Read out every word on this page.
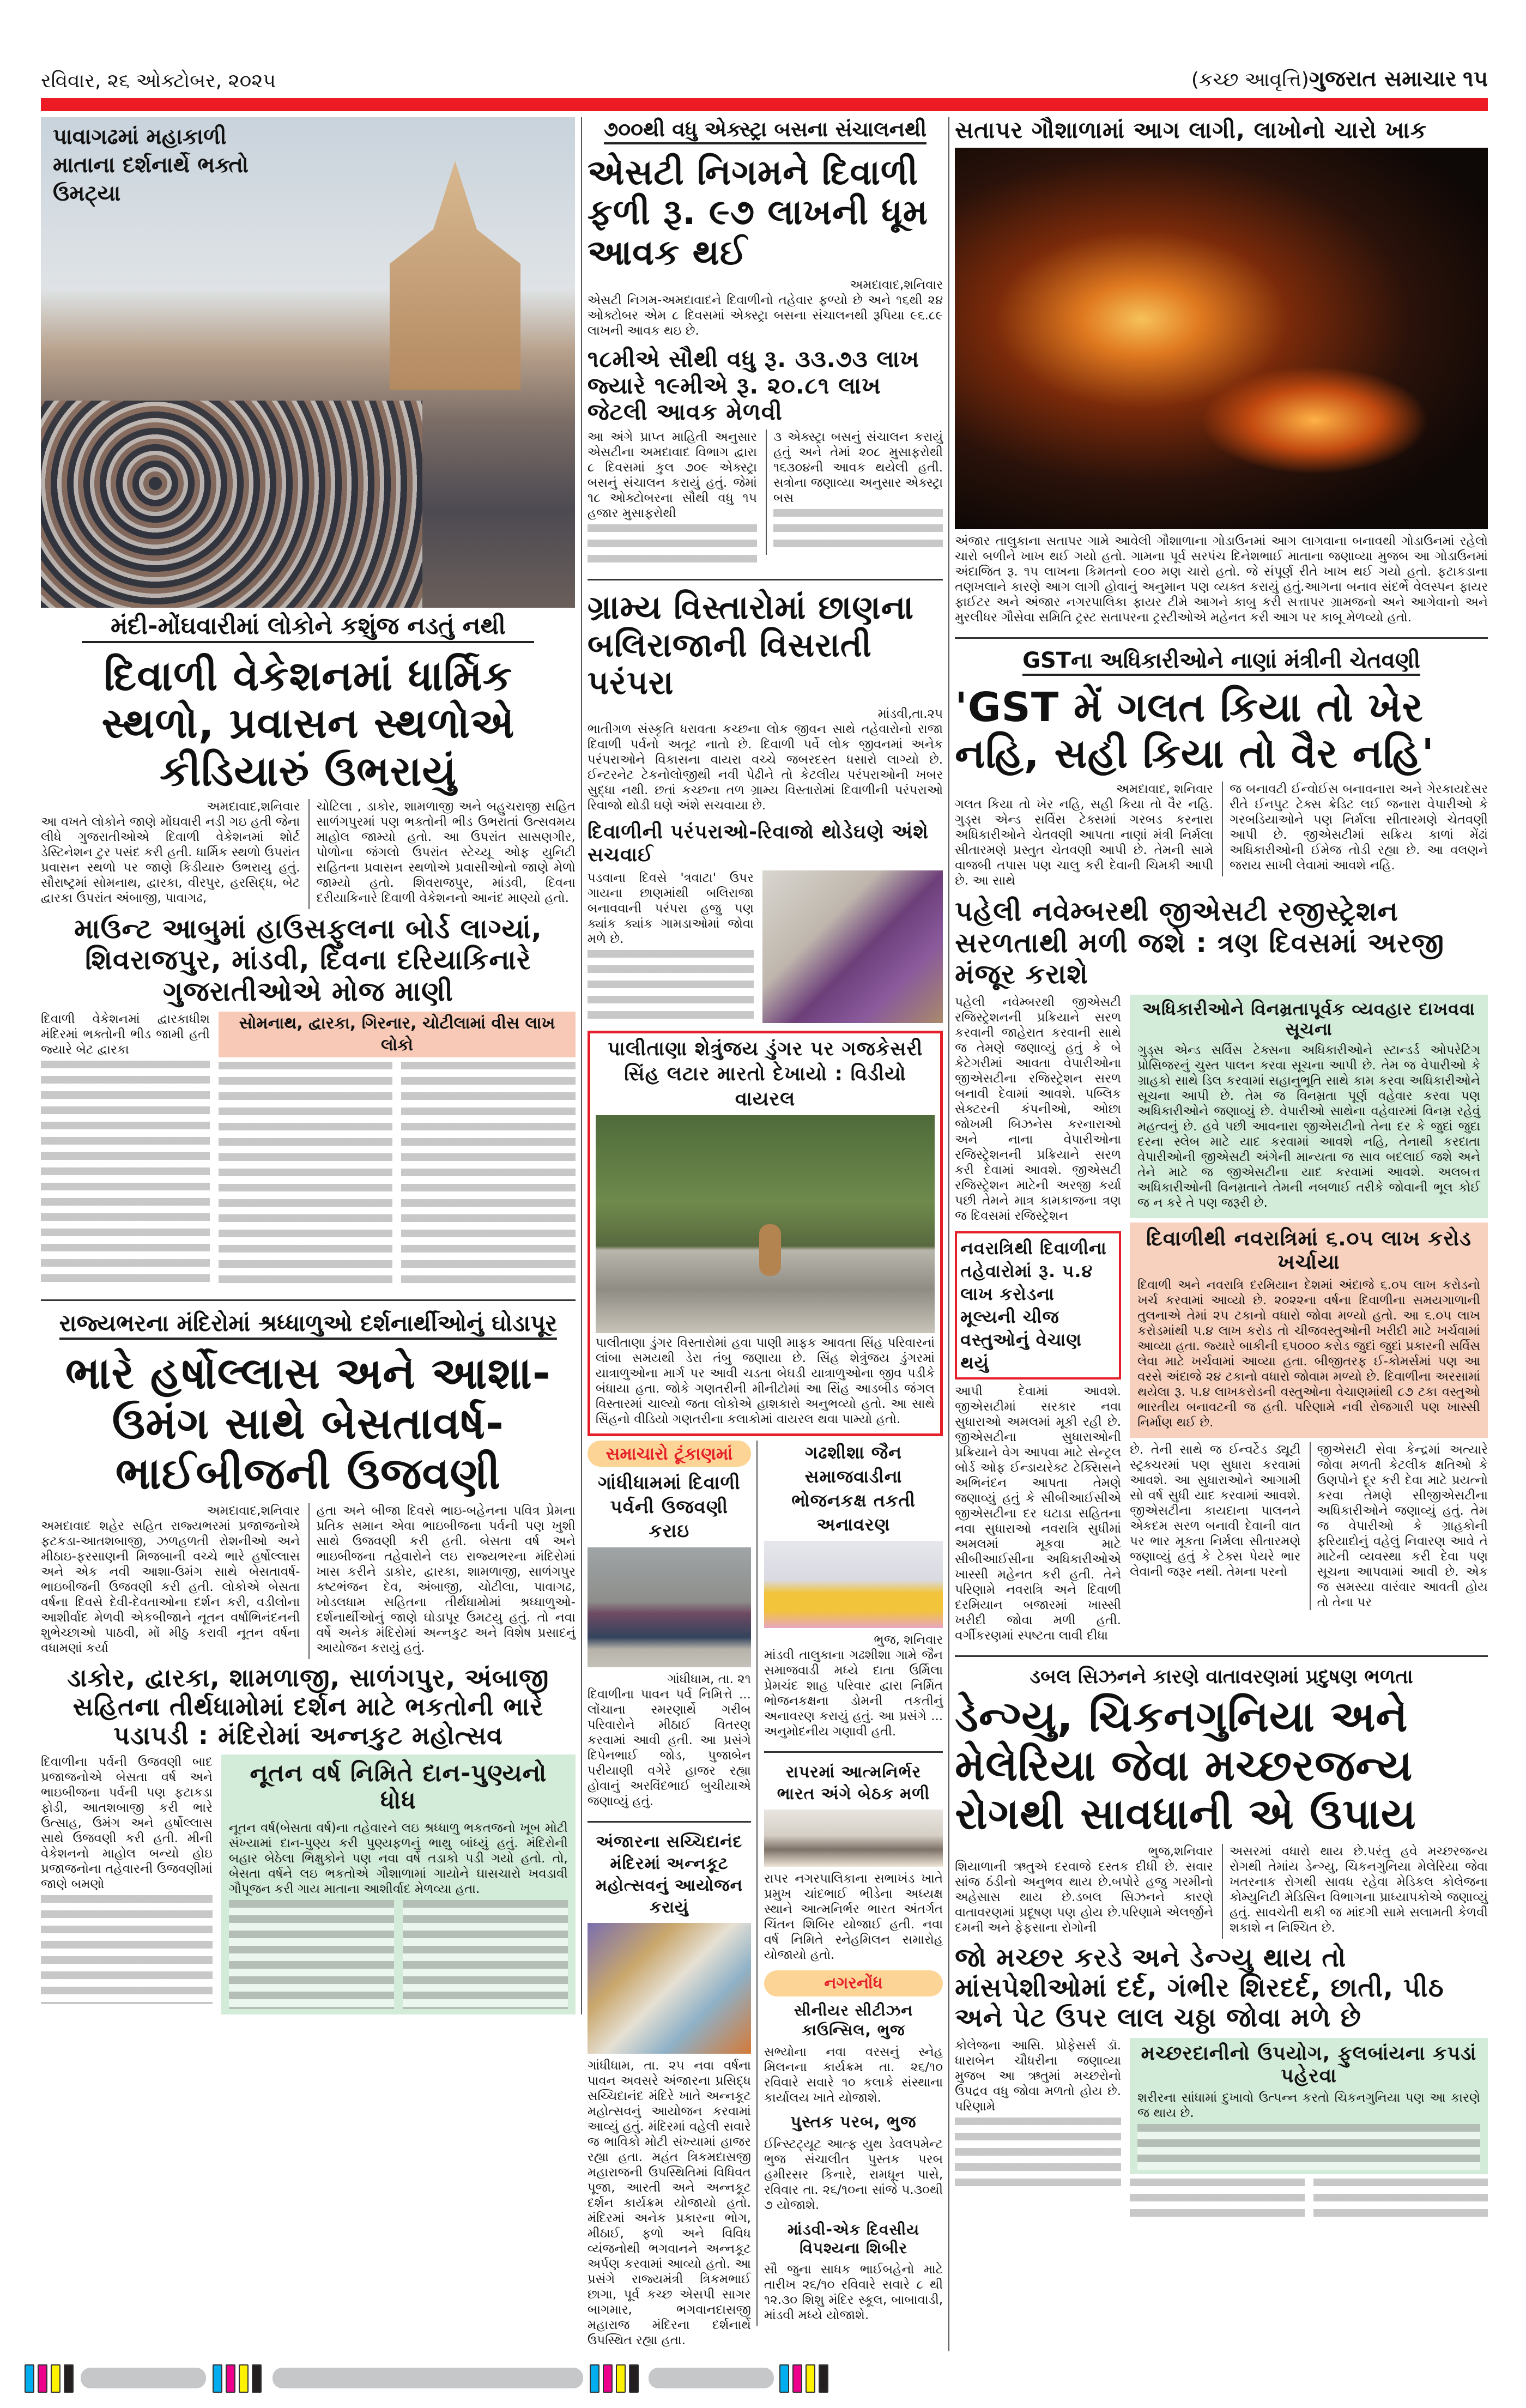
રવિવાર, ૨૬ ઓક્ટોબર, ૨૦૨૫	(કચ્છ આવૃત્તિ)ગુજરાત સમાચાર ૧૫
પાવાગઢમાં મહાકાળી માતાના દર્શનાર્થે ભક્તો ઉમટ્યા
મંદી-મોંઘવારીમાં લોકોને કશુંજ નડતું નથી
દિવાળી વેકેશનમાં ધાર્મિક સ્થળો, પ્રવાસન સ્થળોએ કીડિયારું ઉભરાયું
અમદાવાદ,શનિવાર

આ વખતે લોકોને જાણે મોંઘવારી નડી ગઇ હતી જેના લીધે ગુજરાતીઓએ દિવાળી વેકેશનમાં શોર્ટ ડેસ્ટિનેશન ટુર પસંદ કરી હતી. ધાર્મિક સ્થળો ઉપરાંત પ્રવાસન સ્થળો પર જાણે કિડીયારુ ઉભરાયુ હતું. સૌરાષ્ટ્રમાં સોમનાથ, દ્વારકા, વીરપુર, હરસિદ્ધ, બેટ દ્વારકા ઉપરાંત અંબાજી, પાવાગઢ,

ચોટિલા , ડાકોર, શામળાજી અને બહુચરાજી સહિત સાળંગપુરમાં પણ ભક્તોની ભીડ ઉભરાતાં ઉત્સવમય માહોલ જામ્યો હતો. આ ઉપરાંત સાસણગીર, પોળોના જંગલો ઉપરાંત સ્ટેચ્યૂ ઓફ યુનિટી સહિતના પ્રવાસન સ્થળોએ પ્રવાસીઓનો જાણે મેળો જામ્યો હતો. શિવરાજપુર, માંડવી, દિવના દરીયાકિનારે દિવાળી વેકેશનનો આનંદ માણ્યો હતો.

માઉન્ટ આબુમાં હાઉસફુલના બોર્ડ લાગ્યાં, શિવરાજપુર, માંડવી, દિવના દરિયાકિનારે ગુજરાતીઓએ મોજ માણી

દિવાળી વેકેશનમાં દ્વારકાધીશ મંદિરમાં ભક્તોની ભીડ જામી હતી જ્યારે બેટ દ્વારકા

સોમનાથ, દ્વારકા, ગિરનાર, ચોટીલામાં વીસ લાખ લોકો
રાજ્યભરના મંદિરોમાં શ્રધ્ધાળુઓ દર્શનાર્થીઓનું ઘોડાપૂર
ભારે હર્ષોલ્લાસ અને આશા- ઉમંગ સાથે બેસતાવર્ષ-ભાઈબીજની ઉજવણી
અમદાવાદ,શનિવાર

અમદાવાદ શહેર સહિત રાજ્યભરમાં પ્રજાજનોએ ફટકડા-આતશબાજી, ઝળહળતી રોશનીઓ અને મીઠાઇ-ફરસાણની મિજબાની વચ્ચે ભારે હર્ષોલ્લાસ અને એક નવી આશા-ઉમંગ સાથે બેસતાવર્ષ-ભાઇબીજની ઉજવણી કરી હતી. લોકોએ બેસતા વર્ષના દિવસે દેવી-દેવતાઓના દર્શન કરી, વડીલોના આશીર્વાદ મેળવી એકબીજાને નૂતન વર્ષાભિનંદનની શુભેચ્છાઓ પાઠવી, મોં મીઠુ કરાવી નૂતન વર્ષના વધામણાં કર્યા

હતા અને બીજા દિવસે ભાઇ-બહેનના પવિત્ર પ્રેમના પ્રતિક સમાન એવા ભાઇબીજના પર્વની પણ ખુશી સાથે ઉજવણી કરી હતી. બેસતા વર્ષ અને ભાઇબીજના તહેવારોને લઇ રાજ્યભરના મંદિરોમાં ખાસ કરીને ડાકોર, દ્વારકા, શામળાજી, સાળંગપુર કષ્ટભંજન દેવ, અંબાજી, ચોટીલા, પાવાગઢ, ખોડલધામ સહિતના તીર્થધામોમાં શ્રધ્ધાળુઓ-દર્શનાર્થીઓનું જાણે ઘોડાપૂર ઉમટયુ હતું. તો નવા વર્ષે અનેક મંદિરોમાં અન્નકુટ અને વિશેષ પ્રસાદનું આયોજન કરાયું હતું.

ડાકોર, દ્વારકા, શામળાજી, સાળંગપુર, અંબાજી સહિતના તીર્થધામોમાં દર્શન માટે ભકતોની ભારે પડાપડી : મંદિરોમાં અન્નકુટ મહોત્સવ

દિવાળીના પર્વની ઉજવણી બાદ પ્રજાજનોએ બેસતા વર્ષ અને ભાઇબીજના પર્વની પણ ફટાકડા ફોડી, આતશબાજી કરી ભારે ઉત્સાહ, ઉમંગ અને હર્ષોલ્લાસ સાથે ઉજવણી કરી હતી. મીની વેકેશનનો માહોલ બન્યો હોઇ પ્રજાજનોના તહેવારની ઉજવણીમાં જાણે બમણો

નૂતન વર્ષ નિમિતે દાન-પુણ્યનો ધોધ

નૂતન વર્ષ(બેસતા વર્ષ)ના તહેવારને લઇ શ્રધ્ધાળુ ભકતજનો ખૂબ મોટી સંખ્યામાં દાન-પુણ્ય કરી પુણ્યફળનું ભાથુ બાંધ્યું હતું. મંદિરોની બહાર બેઠેલા ભિક્ષુકોને પણ નવા વર્ષે તડાકો પડી ગયો હતો. તો, બેસતા વર્ષને લઇ ભકતોએ ગૌશાળામાં ગાયોને ઘાસચારો ખવડાવી ગૌપૂજન કરી ગાય માતાના આશીર્વાદ મેળવ્યા હતા.

૭૦૦થી વધુ એક્સ્ટ્રા બસના સંચાલનથી
એસટી નિગમને દિવાળી ફળી રૂ. ૯૭ લાખની ધૂમ આવક થઈ
અમદાવાદ,શનિવાર

એસટી નિગમ-અમદાવાદને દિવાળીનો તહેવાર ફળ્યો છે અને ૧૬થી ૨૪ ઓક્ટોબર એમ ૮ દિવસમાં એક્સ્ટ્રા બસના સંચાલનથી રૂપિયા ૯૬.૮૯ લાખની આવક થઇ છે.

૧૮મીએ સૌથી વધુ રૂ. ૩૩.૭૩ લાખ જ્યારે ૧૯મીએ રૂ. ૨૦.૮૧ લાખ જેટલી આવક મેળવી

આ અંગે પ્રાપ્ત માહિતી અનુસાર એસટીના અમદાવાદ વિભાગ દ્વારા ૮ દિવસમાં કુલ ૭૦૯ એક્સ્ટ્રા બસનું સંચાલન કરાયું હતું. જેમાં ૧૮ ઓક્ટોબરના સૌથી વધુ ૧૫ હજાર મુસાફરોથી

૩ એક્સ્ટ્રા બસનું સંચાલન કરાયું હતું અને તેમાં ૨૦૮ મુસાફરોથી ૧૬૩૦૪ની આવક થયેલી હતી. સત્રોના જણાવ્યા અનુસાર એક્સ્ટ્રા બસ

ગ્રામ્ય વિસ્તારોમાં છાણના બલિરાજાની વિસરાતી પરંપરા
માંડવી,તા.૨૫

ભાતીગળ સંસ્કૃતિ ધરાવતા કચ્છના લોક જીવન સાથે તહેવારોનો રાજા દિવાળી પર્વનો અતૂટ નાતો છે. દિવાળી પર્વે લોક જીવનમાં અનેક પરંપરાઓને વિકાસના વાયરા વચ્ચે જબરદસ્ત ધસારો લાગ્યો છે. ઈન્ટરનેટ ટેકનોલોજીથી નવી પેઢીને તો કેટલીય પરંપરાઓની ખબર સુદ્ધા નથી. છતાં કચ્છના તળ ગ્રામ્ય વિસ્તારોમાં દિવાળીની પરંપરાઓ રિવાજો થોડી ઘણે અંશે સચવાયા છે.

દિવાળીની પરંપરાઓ-રિવાજો થોડેઘણે અંશે સચવાઈ

પડવાના દિવસે 'ત્રવાટા' ઉપર ગાયના છાણમાંથી બલિરાજા બનાવવાની પરંપરા હજુ પણ ક્યાંક ક્યાંક ગામડાઓમાં જોવા મળે છે.

પાલીતાણા શેત્રુંજય ડુંગર પર ગજકેસરી સિંહ લટાર મારતો દેખાયો : વિડીયો વાયરલ

પાલીતાણા ડુંગર વિસ્તારોમાં હવા પાણી માફક આવતા સિંહ પરિવારનાં લાંબા સમયથી ડેરા તંબુ જણાયા છે. સિંહ શેત્રુંજય ડુંગરમાં યાત્રાળુઓના માર્ગ પર આવી ચડતા બેઘડી યાત્રાળુઓના જીવ પડીકે બંધાયા હતા. જોકે ગણતરીની મીનીટોમાં આ સિંહ આડબીડ જંગલ વિસ્તારમાં ચાલ્યો જતા લોકોએ હાશકારો અનુભવ્યો હતો. આ સાથે સિંહનો વીડિયો ગણતરીના કલાકોમાં વાયરલ થવા પામ્યો હતો.

સમાચારો ટૂંકાણમાં
ગાંધીધામમાં દિવાળી પર્વની ઉજવણી કરાઇ
ગાંધીધામ, તા. ૨૧

દિવાળીના પાવન પર્વ નિમિત્તે ... લોંચાના સ્મરણાર્થે ગરીબ પરિવારોને મીઠાઈ વિતરણ કરવામાં આવી હતી. આ પ્રસંગે દિપેનભાઈ જોડ, પુજાબેન પરીયાણી વગેરે હાજર રહ્યા હોવાનું અરવિંદભાઈ બુચીયાએ જણાવ્યું હતું.

અંજારના સચ્ચિદાનંદ મંદિરમાં અન્નકૂટ મહોત્સવનું આયોજન કરાયું

ગાંધીધામ, તા. ૨૫ નવા વર્ષના પાવન અવસરે અંજારના પ્રસિદ્ધ સચ્ચિદાનંદ મંદિરે ખાતે અન્નકૂટ મહોત્સવનું આયોજન કરવામાં આવ્યું હતું. મંદિરમાં વહેલી સવારે જ ભાવિકો મોટી સંખ્યામાં હાજર રહ્યા હતા. મહંત ત્રિકમદાસજી મહારાજની ઉપસ્થિતિમાં વિધિવત પૂજા, આરતી અને અન્નકૂટ દર્શન કાર્યક્રમ યોજાયો હતો. મંદિરમાં અનેક પ્રકારના ભોગ, મીઠાઈ, ફળો અને વિવિધ વ્યંજનોથી ભગવાનને અન્નકૂટ અર્પણ કરવામાં આવ્યો હતો. આ પ્રસંગે રાજ્યમંત્રી ત્રિકમભાઈ છાગા, પૂર્વ કચ્છ એસપી સાગર બાગમાર, ભગવાનદાસજી મહારાજ મંદિરના દર્શનાર્થે ઉપસ્થિત રહ્યા હતા.

ગઢશીશા જૈન સમાજવાડીના ભોજનકક્ષ તકતી અનાવરણ
ભુજ, શનિવાર

માંડવી તાલુકાના ગઢશીશા ગામે જૈન સમાજવાડી મધ્યે દાતા ઉર્મિલા પ્રેમચંદ શાહ પરિવાર દ્વારા નિર્મિત ભોજનકક્ષના ડોમની તકતીનું અનાવરણ કરાયું હતું. આ પ્રસંગે ... અનુમોદનીય ગણાવી હતી.

રાપરમાં આત્મનિર્ભર ભારત અંગે બેઠક મળી

રાપર નગરપાલિકાના સભાખંડ ખાતે પ્રમુખ ચાંદભાઈ ભીડેના અધ્યક્ષ સ્થાને આત્મનિર્ભર ભારત અંતર્ગત ચિંતન શિબિર યોજાઈ હતી. નવા વર્ષ નિમિતે સ્નેહમિલન સમારોહ યોજાયો હતો.

નગરનોંધ
સીનીયર સીટીઝન કાઉન્સિલ, ભુજ

સભ્યોના નવા વરસનું સ્નેહ મિલનના કાર્યક્રમ તા. ૨૬/૧૦ રવિવારે સવારે ૧૦ કલાકે સંસ્થાના કાર્યાલય ખાતે યોજાશે.

પુસ્તક પરબ, ભુજ

ઈન્સ્ટિટ્યૂટ આત્ફ યુથ ડેવલપમેન્ટ ભુજ સંચાલીત પુસ્તક પરબ હમીરસર કિનારે, રામધૂન પાસે, રવિવાર તા. ૨૬/૧૦ના સાંજે ૫.૩૦થી ૭ યોજાશે.

માંડવી-એક દિવસીય વિપશ્યના શિબીર

સૌ જુના સાધક ભાઈબહેનો માટે તારીખ ૨૬/૧૦ રવિવારે સવારે ૮ થી ૧૨.૩૦ શિશુ મંદિર સ્કૂલ, બાબાવાડી, માંડવી મધ્યે યોજાશે.

સતાપર ગૌશાળામાં આગ લાગી, લાખોનો ચારો ખાક

અંજાર તાલુકાના સતાપર ગામે આવેલી ગૌશાળાના ગોડાઉનમાં આગ લાગવાના બનાવથી ગોડાઉનમાં રહેલો ચારો બળીને ખાખ થઈ ગયો હતો. ગામના પૂર્વ સરપંચ દિનેશભાઈ માતાના જણાવ્યા મુજબ આ ગોડાઉનમાં અંદાજિત રૂ. ૧૫ લાખના કિમતનો ૯૦૦ મણ ચારો હતો. જે સંપૂર્ણ રીતે ખાખ થઈ ગયો હતો. ફટાકડાના તણખલાને કારણે આગ લાગી હોવાનું અનુમાન પણ વ્યક્ત કરાયું હતું.આગના બનાવ સંદર્ભે વેલસ્પન ફાયર ફાઈટર અને અંજાર નગરપાલિકા ફાયર ટીમે આગને કાબુ કરી સત્તાપર ગ્રામજનો અને આગેવાનો અને મુરલીધર ગૌસેવા સમિતિ ટ્રસ્ટ સતાપરના ટ્રસ્ટીઓએ મહેનત કરી આગ પર કાબૂ મેળવ્યો હતો.

GSTના અધિકારીઓને નાણાં મંત્રીની ચેતવણી
'GST મેં ગલત કિયા તો ખેર નહિ, સહી કિયા તો વૈર નહિ'
અમદાવાદ, શનિવાર

ગલત કિયા તો ખેર નહિ, સહી કિયા તો વૈર નહિ. ગુડ્સ એન્ડ સર્વિસ ટેક્સમાં ગરબડ કરનારા અધિકારીઓને ચેતવણી આપતા નાણાં મંત્રી નિર્મલા સીતારમણે પ્રસ્તુત ચેતવણી આપી છે. તેમની સામે વાજબી તપાસ પણ ચાલુ કરી દેવાની ચિમકી આપી છે. આ સાથે

જ બનાવટી ઈન્વોઈસ બનાવનારા અને ગેરકાયદેસર રીતે ઈનપુટ ટેક્સ ક્રેડિટ લઈ જનારા વેપારીઓ કે ગરબડિયાઓને પણ નિર્મલા સીતારમણે ચેતવણી આપી છે. જીએસટીમાં સક્રિય કાળાં મેંઢાં અધિકારીઓની ઈમેજ તોડી રહ્યા છે. આ વલણને જરાય સાખી લેવામાં આવશે નહિ.

પહેલી નવેમ્બરથી જીએસટી રજીસ્ટ્રેશન સરળતાથી મળી જશે : ત્રણ દિવસમાં અરજી મંજૂર કરાશે

પહેલી નવેમ્બરથી જીએસટી રજિસ્ટ્રેશનની પ્રક્રિયાને સરળ કરવાની જાહેરાત કરવાની સાથે જ તેમણે જણાવ્યું હતું કે બે કેટેગરીમાં આવતા વેપારીઓના જીએસટીના રજિસ્ટ્રેશન સરળ બનાવી દેવામાં આવશે. પબ્લિક સેક્ટરની કંપનીઓ, ઓછા જોખમી બિઝનેસ કરનારાઓ અને નાના વેપારીઓના રજિસ્ટ્રેશનની પ્રક્રિયાને સરળ કરી દેવામાં આવશે. જીએસટી રજિસ્ટ્રેશન માટેની અરજી કર્યા પછી તેમને માત્ર કામકાજના ત્રણ જ દિવસમાં રજિસ્ટ્રેશન

નવરાત્રિથી દિવાળીના તહેવારોમાં રૂ. ૫.૪ લાખ કરોડના મૂલ્યની ચીજ વસ્તુઓનું વેચાણ થયું

આપી દેવામાં આવશે. જીએસટીમાં સરકાર નવા સુધારાઓ અમલમાં મૂકી રહી છે. જીએસટીના સુધારાઓની પ્રક્રિયાને વેગ આપવા માટે સેન્ટ્રલ બોર્ડ ઓફ ઈન્ડાયરેક્ટ ટેક્સિસને અભિનંદન આપતા તેમણે જણાવ્યું હતું કે સીબીઆઈસીએ જીએસટીના દર ઘટાડા સહિતના નવા સુધારાઓ નવરાત્રિ સુધીમાં અમલમાં મૂકવા માટે સીબીઆઈસીના અધિકારીઓએ ખાસ્સી મહેનત કરી હતી. તેને પરિણામે નવરાત્રિ અને દિવાળી દરમિયાન બજારમાં ખાસ્સી ખરીદી જોવા મળી હતી. વર્ગીકરણમાં સ્પષ્ટતા લાવી દીધા

અધિકારીઓને વિનમ્રતાપૂર્વક વ્યવહાર દાખવવા સૂચના

ગુડ્સ એન્ડ સર્વિસ ટેક્સના અધિકારીઓને સ્ટાન્ડર્ડ ઓપરેટિંગ પ્રોસિજરનું ચુસ્ત પાલન કરવા સૂચના આપી છે. તેમ જ વેપારીઓ કે ગ્રાહકો સાથે ડિલ કરવામાં સહાનુભૂતિ સાથે કામ કરવા અધિકારીઓને સૂચના આપી છે. તેમ જ વિનમ્રતા પૂર્ણ વહેવાર કરવા પણ અધિકારીઓને જણાવ્યું છે. વેપારીઓ સાથેના વહેવારમાં વિનમ્ર રહેવું મહત્વનું છે. હવે પછી આવનારા જીએસટીનો તેના દર કે જુદાં જુદા દરના સ્લેબ માટે યાદ કરવામાં આવશે નહિ, તેનાથી કરદાતા વેપારીઓની જીએસટી અંગેની માન્યતા જ સાવ બદલાઈ જશે અને તેને માટે જ જીએસટીના યાદ કરવામાં આવશે. અલબત્ત અધિકારીઓની વિનમ્રતાને તેમની નબળાઈ તરીકે જોવાની ભૂલ કોઈ જ ન કરે તે પણ જરૂરી છે.

દિવાળીથી નવરાત્રિમાં ૬.૦૫ લાખ કરોડ ખર્ચાયા

દિવાળી અને નવરાત્રિ દરમિયાન દેશમાં અંદાજે ૬.૦૫ લાખ કરોડનો ખર્ચ કરવામાં આવ્યો છે. ૨૦૨૨ના વર્ષના દિવાળીના સમયગાળાની તુલનાએ તેમાં ૨૫ ટકાનો વધારો જોવા મળ્યો હતો. આ ૬.૦૫ લાખ કરોડમાંથી ૫.૪ લાખ કરોડ તો ચીજવસ્તુઓની ખરીદી માટે ખર્ચવામાં આવ્યા હતા. જ્યારે બાકીની ૬૫૦૦૦ કરોડ જુદાં જુદાં પ્રકારની સર્વિસ લેવા માટે ખર્ચવામાં આવ્યા હતા. બીજીતરફ ઈ-કોમર્સમાં પણ આ વરસે અંદાજે ૨૪ ટકાનો વધારો જોવામ મળ્યો છે. દિવાળીના અરસામાં થયેલા રૂ. ૫.૪ લાખકરોડની વસ્તુઓના વેચાણમાંથી ૮૭ ટકા વસ્તુઓ ભારતીય બનાવટની જ હતી. પરિણામે નવી રોજગારી પણ ખાસ્સી નિર્માણ થઈ છે.

છે. તેની સાથે જ ઈન્વર્ટેડ ડ્યૂટી સ્ટ્રક્ચરમાં પણ સુધારા કરવામાં આવશે. આ સુધારાઓને આગામી સો વર્ષ સુધી યાદ કરવામાં આવશે. જીએસટીના કાયદાના પાલનને એકદમ સરળ બનાવી દેવાની વાત પર ભાર મૂકતા નિર્મલા સીતારમણે જણાવ્યું હતું કે ટેક્સ પેયરે ભાર લેવાની જરૂર નથી. તેમના પરનો

જીએસટી સેવા કેન્દ્રમાં અત્યારે જોવા મળતી કેટલીક ક્ષતિઓ કે ઉણપોને દૂર કરી દેવા માટે પ્રયત્નો કરવા તેમણે સીજીએસટીના અધિકારીઓને જણાવ્યું હતું. તેમ જ વેપારીઓ કે ગ્રાહકોની ફરિયાદોનું વહેલું નિવારણ આવે તે માટેની વ્યવસ્થા કરી દેવા પણ સૂચના આપવામાં આવી છે. એક જ સમસ્યા વારંવાર આવતી હોય તો તેના પર

ડબલ સિઝનને કારણે વાતાવરણમાં પ્રદુષણ ભળતા
ડેન્ગ્યુ, ચિકનગુનિયા અને મેલેરિયા જેવા મચ્છરજન્ય રોગથી સાવધાની એ ઉપાય
ભુજ,શનિવાર

શિયાળાની ઋતુએ દરવાજે દસ્તક દીધી છે. સવાર સાંજ ઠંડીનો અનુભવ થાય છે.બપોરે હજુ ગરમીનો અહેસાસ થાય છે.ડબલ સિઝનને કારણે વાતાવરણમાં પ્રદૂષણ પણ હોય છે.પરિણામે એલર્જીને દમની અને ફેફસાના રોગોની

અસરમાં વધારો થાય છે.પરંતુ હવે મચ્છરજન્ય રોગથી તેમાંય ડેન્ગ્યુ, ચિકનગુનિયા મેલેરિયા જેવા ખતરનાક રોગથી સાવધ રહેવા મેડિકલ કોલેજના કોમ્યુનિટી મેડિસિન વિભાગના પ્રાધ્યાપકોએ જણાવ્યું હતું. સાવચેતી થકી જ માંદગી સામે સલામતી કેળવી શકાશે ન નિશ્ચિત છે.

જો મચ્છર કરડે અને ડેન્ગ્યુ થાય તો માંસપેશીઓમાં દર્દ, ગંભીર શિરદર્દ, છાતી, પીઠ અને પેટ ઉપર લાલ ચઠ્ઠા જોવા મળે છે

કોલેજના આસિ. પ્રોફેસર્સ ડૉ. ધારાબેન ચૌધરીના જણાવ્યા મુજબ આ ઋતુમાં મચ્છરોનો ઉપદ્રવ વધુ જોવા મળતો હોય છે. પરિણામે

મચ્છરદાનીનો ઉપયોગ, ફુલબાંયના કપડાં પહેરવા

શરીરના સાંધામાં દુખાવો ઉત્પન્ન કરતો ચિકનગુનિયા પણ આ કારણે જ થાય છે.
